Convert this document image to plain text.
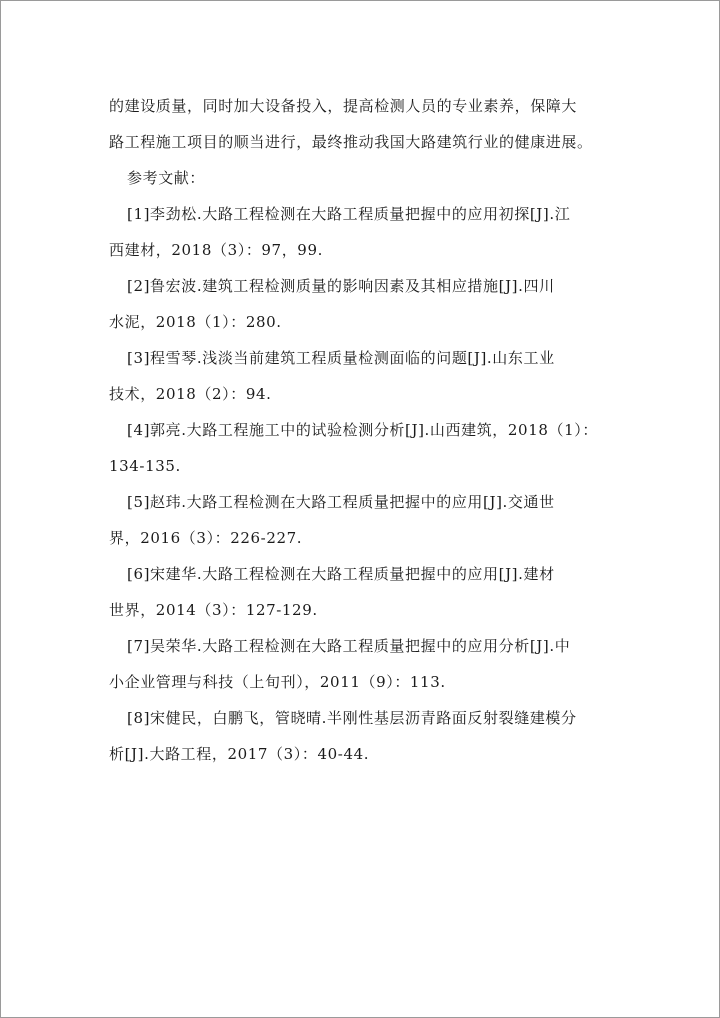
的建设质量，同时加大设备投入，提高检测人员的专业素养，保障大
路工程施工项目的顺当进行，最终推动我国大路建筑行业的健康进展。
参考文献：
[1]李劲松.大路工程检测在大路工程质量把握中的应用初探[J].江
西建材，2018（3）：97，99.
[2]鲁宏波.建筑工程检测质量的影响因素及其相应措施[J].四川
水泥，2018（1）：280.
[3]程雪琴.浅淡当前建筑工程质量检测面临的问题[J].山东工业
技术，2018（2）：94.
[4]郭亮.大路工程施工中的试验检测分析[J].山西建筑，2018（1）：
134-135.
[5]赵玮.大路工程检测在大路工程质量把握中的应用[J].交通世
界，2016（3）：226-227.
[6]宋建华.大路工程检测在大路工程质量把握中的应用[J].建材
世界，2014（3）：127-129.
[7]吴荣华.大路工程检测在大路工程质量把握中的应用分析[J].中
小企业管理与科技（上旬刊），2011（9）：113.
[8]宋健民，白鹏飞，管晓晴.半刚性基层沥青路面反射裂缝建模分
析[J].大路工程，2017（3）：40-44.
